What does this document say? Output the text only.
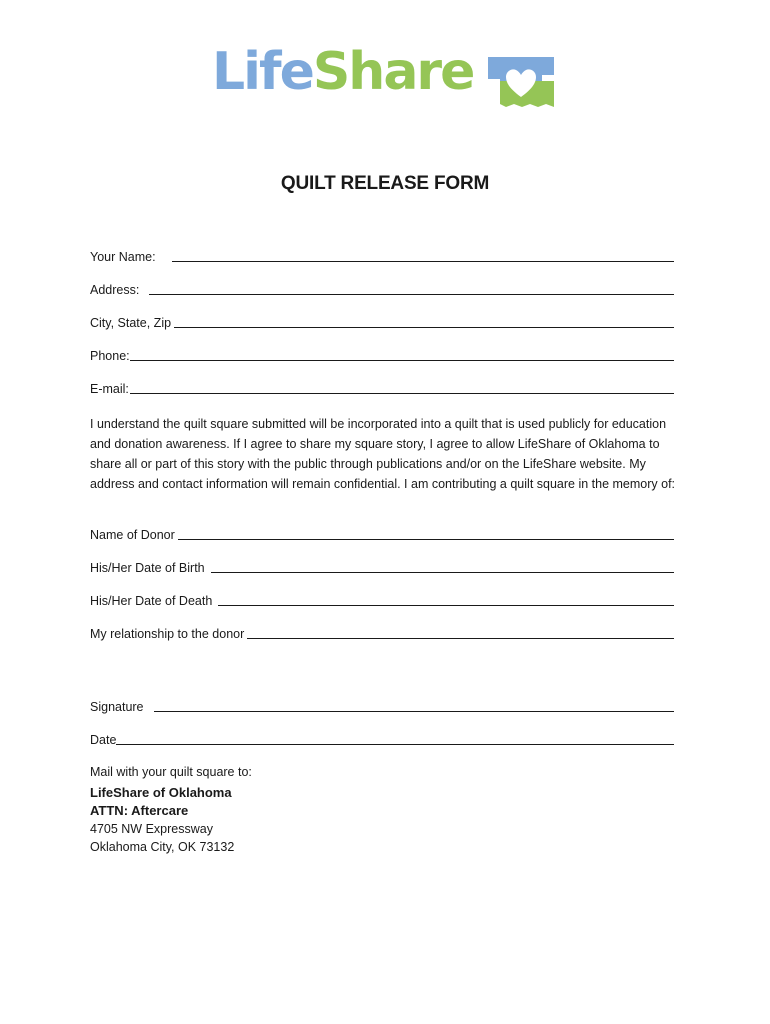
LifeShare
QUILT RELEASE FORM
Your Name:
Address:
City, State, Zip
Phone:
E-mail:
I understand the quilt square submitted will be incorporated into a quilt that is used publicly for education and donation awareness. If I agree to share my square story, I agree to allow LifeShare of Oklahoma to share all or part of this story with the public through publications and/or on the LifeShare website. My address and contact information will remain confidential. I am contributing a quilt square in the memory of:
Name of Donor
His/Her Date of Birth
His/Her Date of Death
My relationship to the donor
Signature
Date
Mail with your quilt square to:
LifeShare of Oklahoma
ATTN: Aftercare
4705 NW Expressway
Oklahoma City, OK 73132
